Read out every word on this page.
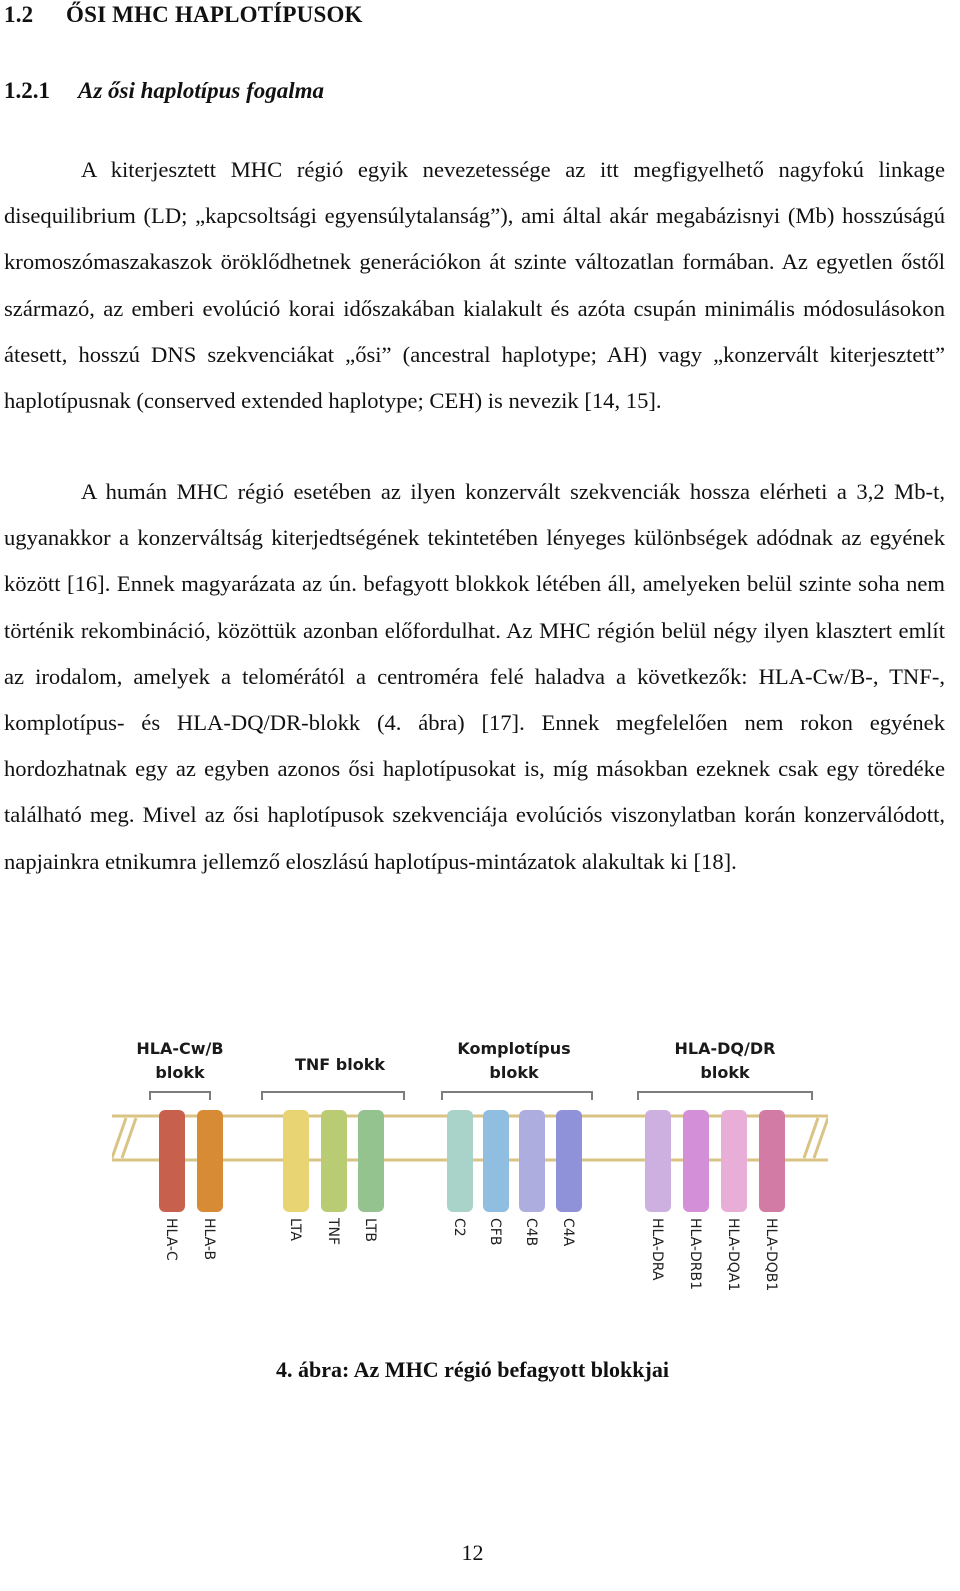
1.2 ŐSI MHC HAPLOTÍPUSOK
1.2.1 Az ősi haplotípus fogalma

A kiterjesztett MHC régió egyik nevezetessége az itt megfigyelhető nagyfokú linkage disequilibrium (LD; „kapcsoltsági egyensúlytalanság”), ami által akár megabázisnyi (Mb) hosszúságú kromoszómaszakaszok öröklődhetnek generációkon át szinte változatlan formában. Az egyetlen őstől származó, az emberi evolúció korai időszakában kialakult és azóta csupán minimális módosulásokon átesett, hosszú DNS szekvenciákat „ősi” (ancestral haplotype; AH) vagy „konzervált kiterjesztett” haplotípusnak (conserved extended haplotype; CEH) is nevezik [14, 15].

A humán MHC régió esetében az ilyen konzervált szekvenciák hossza elérheti a 3,2 Mb-t, ugyanakkor a konzerváltság kiterjedtségének tekintetében lényeges különbségek adódnak az egyének között [16]. Ennek magyarázata az ún. befagyott blokkok létében áll, amelyeken belül szinte soha nem történik rekombináció, közöttük azonban előfordulhat. Az MHC régión belül négy ilyen klasztert említ az irodalom, amelyek a telomérától a centroméra felé haladva a következők: HLA-Cw/B-, TNF-, komplotípus- és HLA-DQ/DR-blokk (4. ábra) [17]. Ennek megfelelően nem rokon egyének hordozhatnak egy az egyben azonos ősi haplotípusokat is, míg másokban ezeknek csak egy töredéke található meg. Mivel az ősi haplotípusok szekvenciája evolúciós viszonylatban korán konzerválódott, napjainkra etnikumra jellemző eloszlású haplotípus-mintázatok alakultak ki [18].

HLA-Cw/B
blokk	TNF blokk
Komplotípus
blokk
HLA-DQ/DR
blokk
HLA-C HLA-B	LTA TNF LTB	C2 CFB C4B C4A	HLA-DRA HLA-DRB1 HLA-DQA1 HLA-DQB1

4. ábra: Az MHC régió befagyott blokkjai

12
